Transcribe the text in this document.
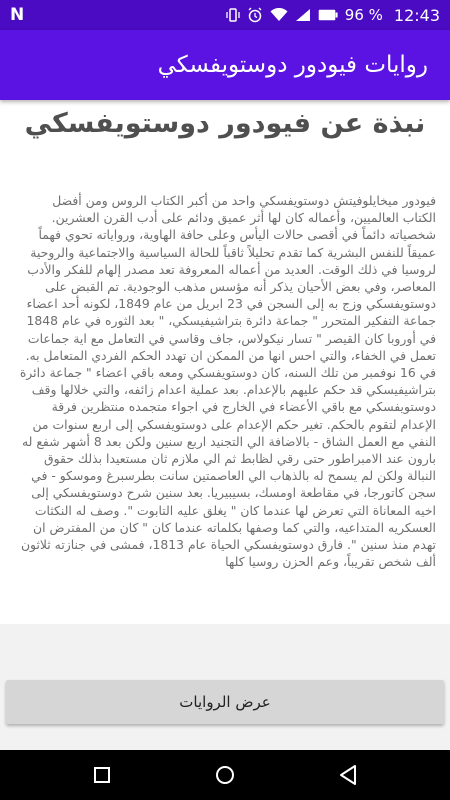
N	96 % 12:43
روايات فيودور دوستويفسكي
نبذة عن فيودور دوستويفسكي
فيودور ميخايلوفيتش دوستويفسكي واحد من أكبر الكتاب الروس ومن أفضل الكتاب العالميين، وأعماله كان لها أثر عميق ودائم على أدب القرن العشرين. شخصياته دائماً في أقصى حالات اليأس وعلى حافة الهاوية، ورواياته تحوي فهماً عميقاً للنفس البشرية كما تقدم تحليلاً ثاقباً للحالة السياسية والاجتماعية والروحية لروسيا في ذلك الوقت. العديد من أعماله المعروفة تعد مصدر إلهام للفكر والأدب المعاصر، وفي بعض الأحيان يذكر أنه مؤسس مذهب الوجودية. تم القبض على دوستويفسكي وزج به إلى السجن في 23 ابريل من عام 1849، لكونه أحد اعضاء جماعة التفكير المتحرر " جماعة دائرة بتراشيفيسكي، " بعد الثوره في عام 1848 في أوروبا كان القيصر " تسار نيكولاس، جاف وقاسي في التعامل مع اية جماعات تعمل في الخفاء، والتي احس انها من الممكن ان تهدد الحكم الفردي المتعامل به. في 16 نوفمبر من تلك السنه، كان دوستويفسكي ومعه باقي اعضاء " جماعة دائرة بتراشيفيسكي قد حكم عليهم بالإعدام. بعد عملية اعدام زائفه، والتي خلالها وقف دوستويفسكي مع باقي الأعضاء في الخارج في اجواء متجمده منتظرين فرقة الإعدام لتقوم بالحكم. تغير حكم الإعدام على دوستويفسكي إلى اربع سنوات من النفي مع العمل الشاق - بالاضافة الي التجنيد اربع سنين ولكن بعد 8 أشهر شفع له بارون عند الامبراطور حتى رقي لظابط ثم الي ملازم ثان مستعيدا بذلك حقوق النبالة ولكن لم يسمح له بالذهاب الي العاصمتين سانت بطرسبرغ وموسكو - في سجن كاتورجا، في مقاطعة اومسك، بسيبيريا. بعد سنين شرح دوستويفسكي إلى اخيه المعاناة التي تعرض لها عندما كان " يغلق عليه التابوت ". وصف له النكثات العسكريه المتداعيه، والتي كما وصفها بكلماته عندما كان " كان من المفترض ان تهدم منذ سنين ". فارق دوستويفسكي الحياة عام 1813، فمشى في جنازته ثلاثون ألف شخص تقريباً، وعم الحزن روسيا كلها
عرض الروايات
